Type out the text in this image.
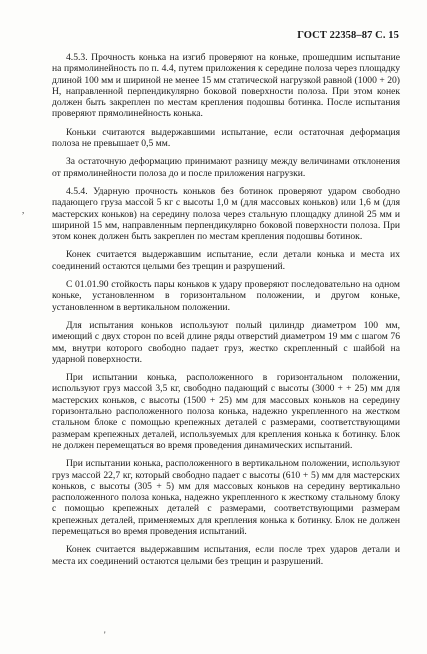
ГОСТ 22358–87 С. 15

4.5.3. Прочность конька на изгиб проверяют на коньке, прошедшим испытание на прямолинейность по п. 4.4, путем приложения к середине полоза через площадку длиной 100 мм и шириной не менее 15 мм статической нагрузкой равной (1000 + 20) Н, направленной перпендикулярно боковой поверхности полоза. При этом конек должен быть закреплен по местам крепления подошвы ботинка. После испытания проверяют прямолинейность конька.

Коньки считаются выдержавшими испытание, если остаточная деформация полоза не превышает 0,5 мм.

За остаточную деформацию принимают разницу между величинами отклонения от прямолинейности полоза до и после приложения нагрузки.

4.5.4. Ударную прочность коньков без ботинок проверяют ударом свободно падающего груза массой 5 кг с высоты 1,0 м (для массовых коньков) или 1,6 м (для мастерских коньков) на середину полоза через стальную площадку длиной 25 мм и шириной 15 мм, направленным перпендикулярно боковой поверхности полоза. При этом конек должен быть закреплен по местам крепления подошвы ботинок.

Конек считается выдержавшим испытание, если детали конька и места их соединений остаются целыми без трещин и разрушений.

С 01.01.90 стойкость пары коньков к удару проверяют последовательно на одном коньке, установленном в горизонтальном положении, и другом коньке, установленном в вертикальном положении.

Для испытания коньков используют полый цилиндр диаметром 100 мм, имеющий с двух сторон по всей длине ряды отверстий диаметром 19 мм с шагом 76 мм, внутри которого свободно падает груз, жестко скрепленный с шайбой на ударной поверхности.

При испытании конька, расположенного в горизонтальном положении, используют груз массой 3,5 кг, свободно падающий с высоты (3000 + + 25) мм для мастерских коньков, с высоты (1500 + 25) мм для массовых коньков на середину горизонтально расположенного полоза конька, надежно укрепленного на жестком стальном блоке с помощью крепежных деталей с размерами, соответствующими размерам крепежных деталей, используемых для крепления конька к ботинку. Блок не должен перемещаться во время проведения динамических испытаний.

При испытании конька, расположенного в вертикальном положении, используют груз массой 22,7 кг, который свободно падает с высоты (610 + 5) мм для мастерских коньков, с высоты (305 + 5) мм для массовых коньков на середину вертикально расположенного полоза конька, надежно укрепленного к жесткому стальному блоку с помощью крепежных деталей с размерами, соответствующими размерам крепежных деталей, применяемых для крепления конька к ботинку. Блок не должен перемещаться во время проведения испытаний.

Конек считается выдержавшим испытания, если после трех ударов детали и места их соединений остаются целыми без трещин и разрушений.

,
'
